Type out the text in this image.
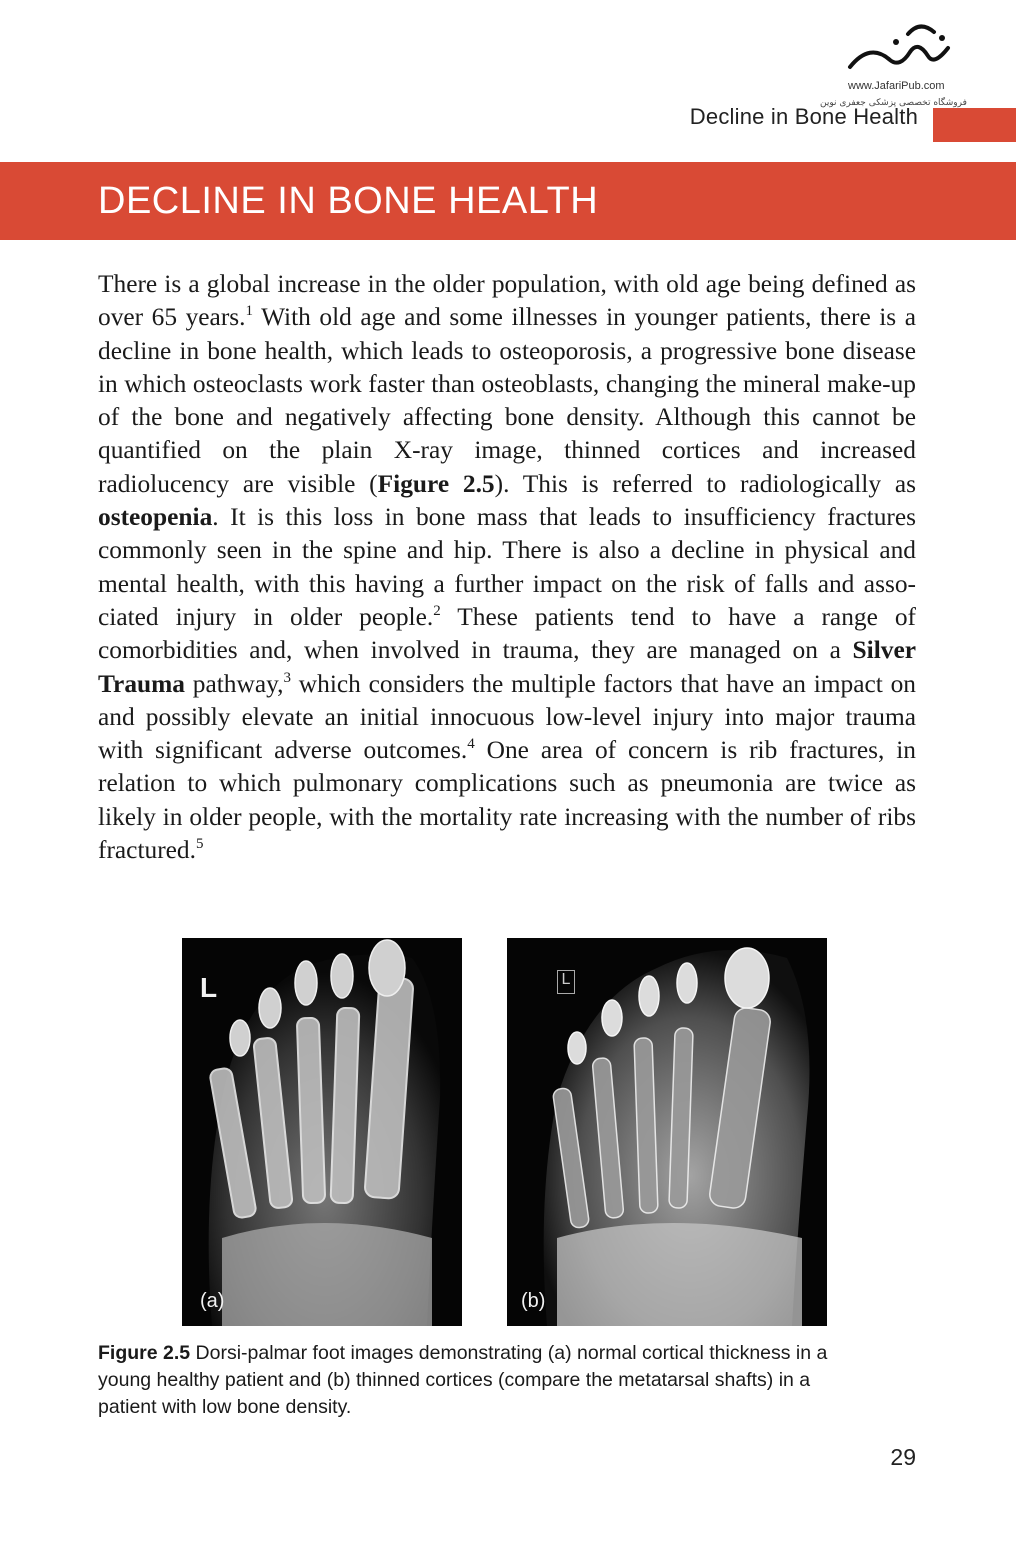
www.JafariPub.com
فروشگاه تخصصی پزشکی جعفری نوین
Decline in Bone Health
DECLINE IN BONE HEALTH
There is a global increase in the older population, with old age being defined as over 65 years.$^1$ With old age and some illnesses in younger patients, there is a decline in bone health, which leads to osteoporosis, a progressive bone disease in which osteoclasts work faster than osteoblasts, changing the mineral make-up of the bone and negatively affecting bone density. Although this cannot be quantified on the plain X-ray image, thinned cortices and increased radiolucency are visible (Figure 2.5). This is referred to radiologically as osteopenia. It is this loss in bone mass that leads to insufficiency fractures commonly seen in the spine and hip. There is also a decline in physical and mental health, with this having a further impact on the risk of falls and associated injury in older people.$^2$ These patients tend to have a range of comorbidities and, when involved in trauma, they are managed on a Silver Trauma pathway,$^3$ which considers the multiple factors that have an impact on and possibly elevate an initial innocuous low-level injury into major trauma with significant adverse outcomes.$^4$ One area of concern is rib fractures, in relation to which pulmonary complications such as pneumonia are twice as likely in older people, with the mortality rate increasing with the number of ribs fractured.$^5$
L
(a)
L
(b)
Figure 2.5 Dorsi-palmar foot images demonstrating (a) normal cortical thickness in a young healthy patient and (b) thinned cortices (compare the metatarsal shafts) in a patient with low bone density.
29
